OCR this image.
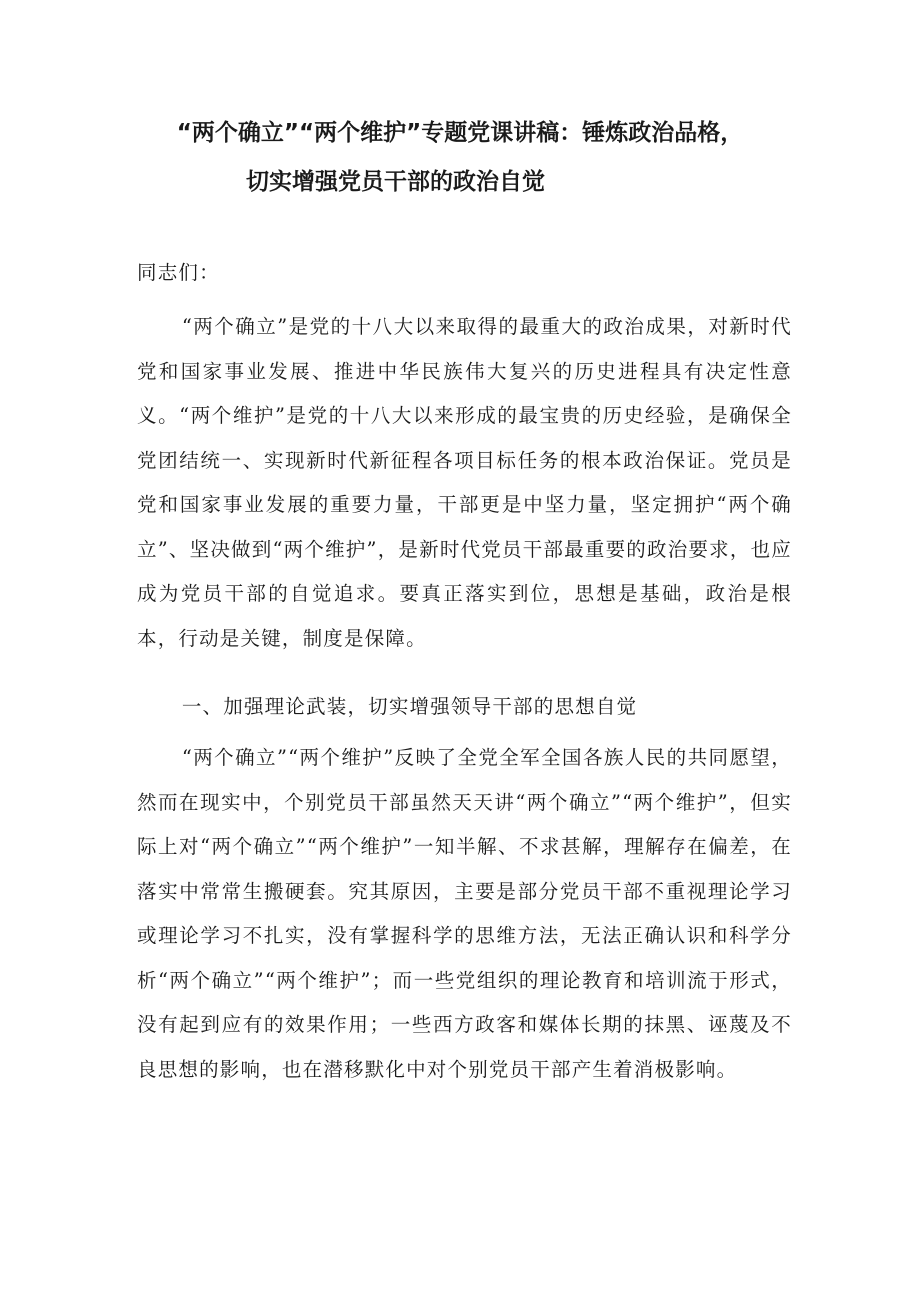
“两个确立”“两个维护”专题党课讲稿：锤炼政治品格，
切实增强党员干部的政治自觉

同志们：

“两个确立”是党的十八大以来取得的最重大的政治成果，对新时代党和国家事业发展、推进中华民族伟大复兴的历史进程具有决定性意义。“两个维护”是党的十八大以来形成的最宝贵的历史经验，是确保全党团结统一、实现新时代新征程各项目标任务的根本政治保证。党员是党和国家事业发展的重要力量，干部更是中坚力量，坚定拥护“两个确立”、坚决做到“两个维护”，是新时代党员干部最重要的政治要求，也应成为党员干部的自觉追求。要真正落实到位，思想是基础，政治是根本，行动是关键，制度是保障。

一、加强理论武装，切实增强领导干部的思想自觉

“两个确立”“两个维护”反映了全党全军全国各族人民的共同愿望，然而在现实中，个别党员干部虽然天天讲“两个确立”“两个维护”，但实际上对“两个确立”“两个维护”一知半解、不求甚解，理解存在偏差，在落实中常常生搬硬套。究其原因，主要是部分党员干部不重视理论学习或理论学习不扎实，没有掌握科学的思维方法，无法正确认识和科学分析“两个确立”“两个维护”；而一些党组织的理论教育和培训流于形式，没有起到应有的效果作用；一些西方政客和媒体长期的抹黑、诬蔑及不良思想的影响，也在潜移默化中对个别党员干部产生着消极影响。
